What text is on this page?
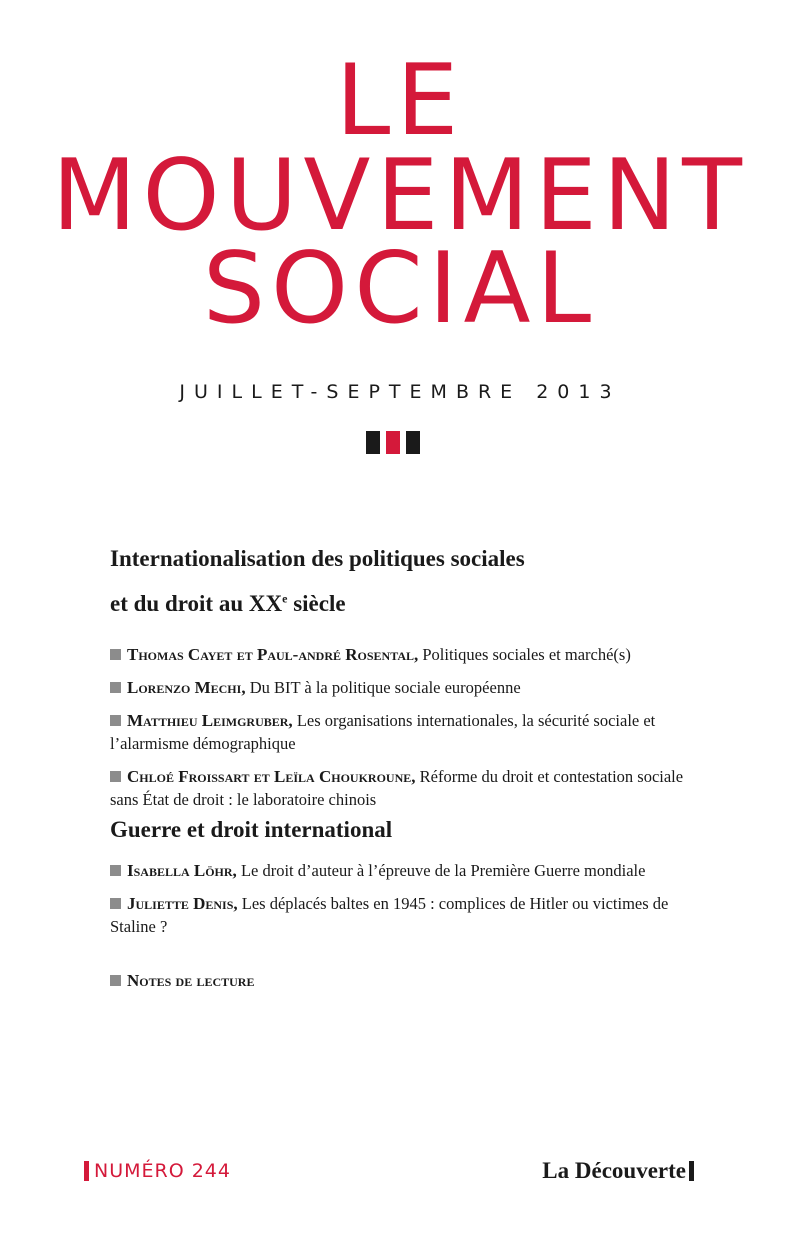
LE
MOUVEMENT
SOCIAL
JUILLET-SEPTEMBRE 2013
Internationalisation des politiques sociales
et du droit au XXe siècle

Thomas Cayet et Paul-andré Rosental, Politiques sociales et marché(s)

Lorenzo Mechi, Du BIT à la politique sociale européenne

Matthieu Leimgruber, Les organisations internationales, la sécurité sociale et l’alarmisme démographique

Chloé Froissart et Leïla Choukroune, Réforme du droit et contestation sociale sans État de droit : le laboratoire chinois

Guerre et droit international

Isabella Löhr, Le droit d’auteur à l’épreuve de la Première Guerre mondiale

Juliette Denis, Les déplacés baltes en 1945 : complices de Hitler ou victimes de Staline ?

Notes de lecture

NUMÉRO 244	La Découverte
